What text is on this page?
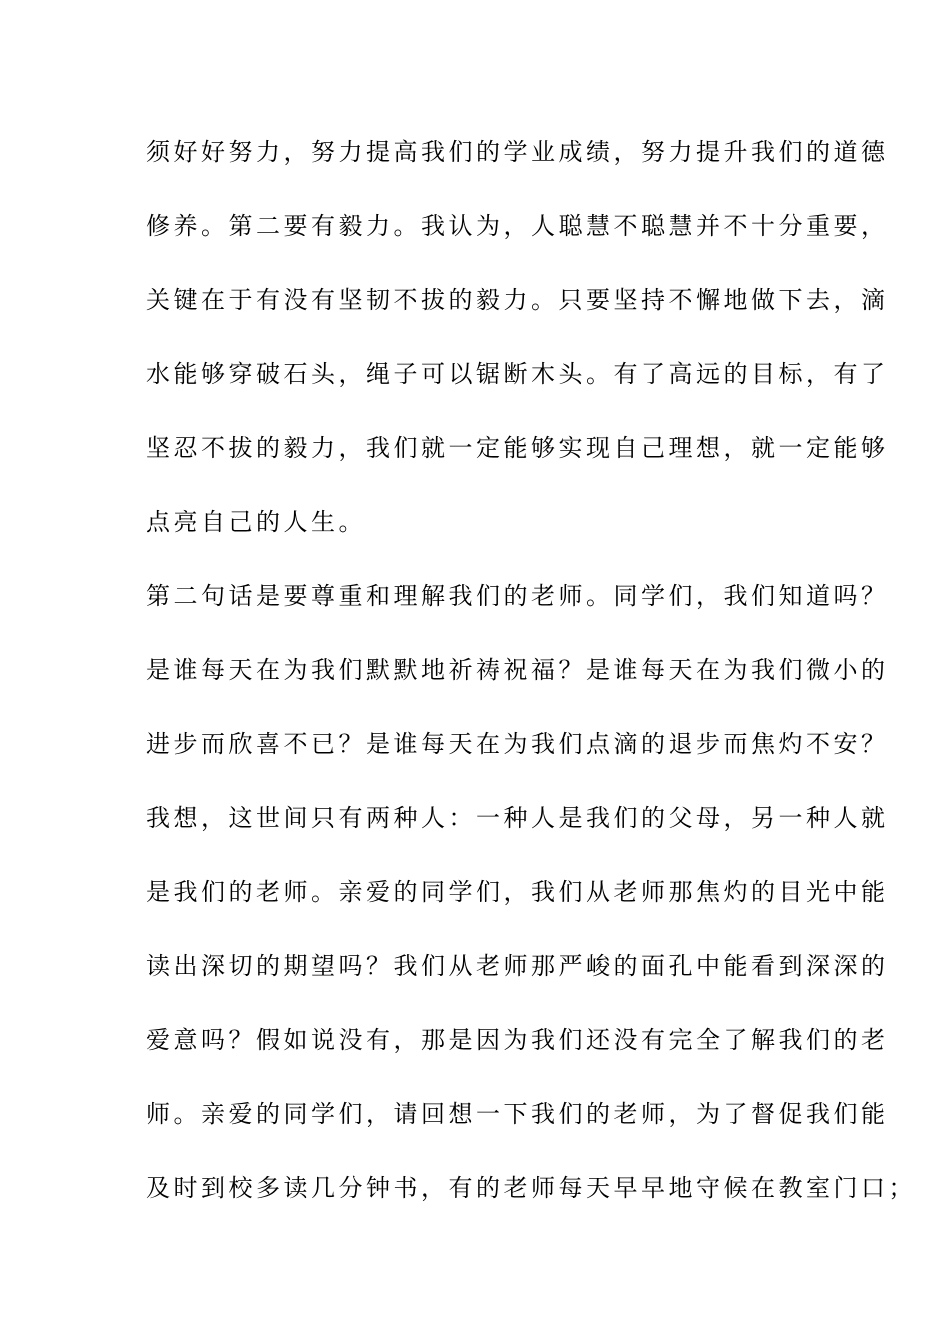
须好好努力，努力提高我们的学业成绩，努力提升我们的道德
修养。第二要有毅力。我认为，人聪慧不聪慧并不十分重要，
关键在于有没有坚韧不拔的毅力。只要坚持不懈地做下去，滴
水能够穿破石头，绳子可以锯断木头。有了高远的目标，有了
坚忍不拔的毅力，我们就一定能够实现自己理想，就一定能够
点亮自己的人生。
第二句话是要尊重和理解我们的老师。同学们，我们知道吗？
是谁每天在为我们默默地祈祷祝福？是谁每天在为我们微小的
进步而欣喜不已？是谁每天在为我们点滴的退步而焦灼不安？
我想，这世间只有两种人：一种人是我们的父母，另一种人就
是我们的老师。亲爱的同学们，我们从老师那焦灼的目光中能
读出深切的期望吗？我们从老师那严峻的面孔中能看到深深的
爱意吗？假如说没有，那是因为我们还没有完全了解我们的老
师。亲爱的同学们，请回想一下我们的老师，为了督促我们能
及时到校多读几分钟书，有的老师每天早早地守候在教室门口；
